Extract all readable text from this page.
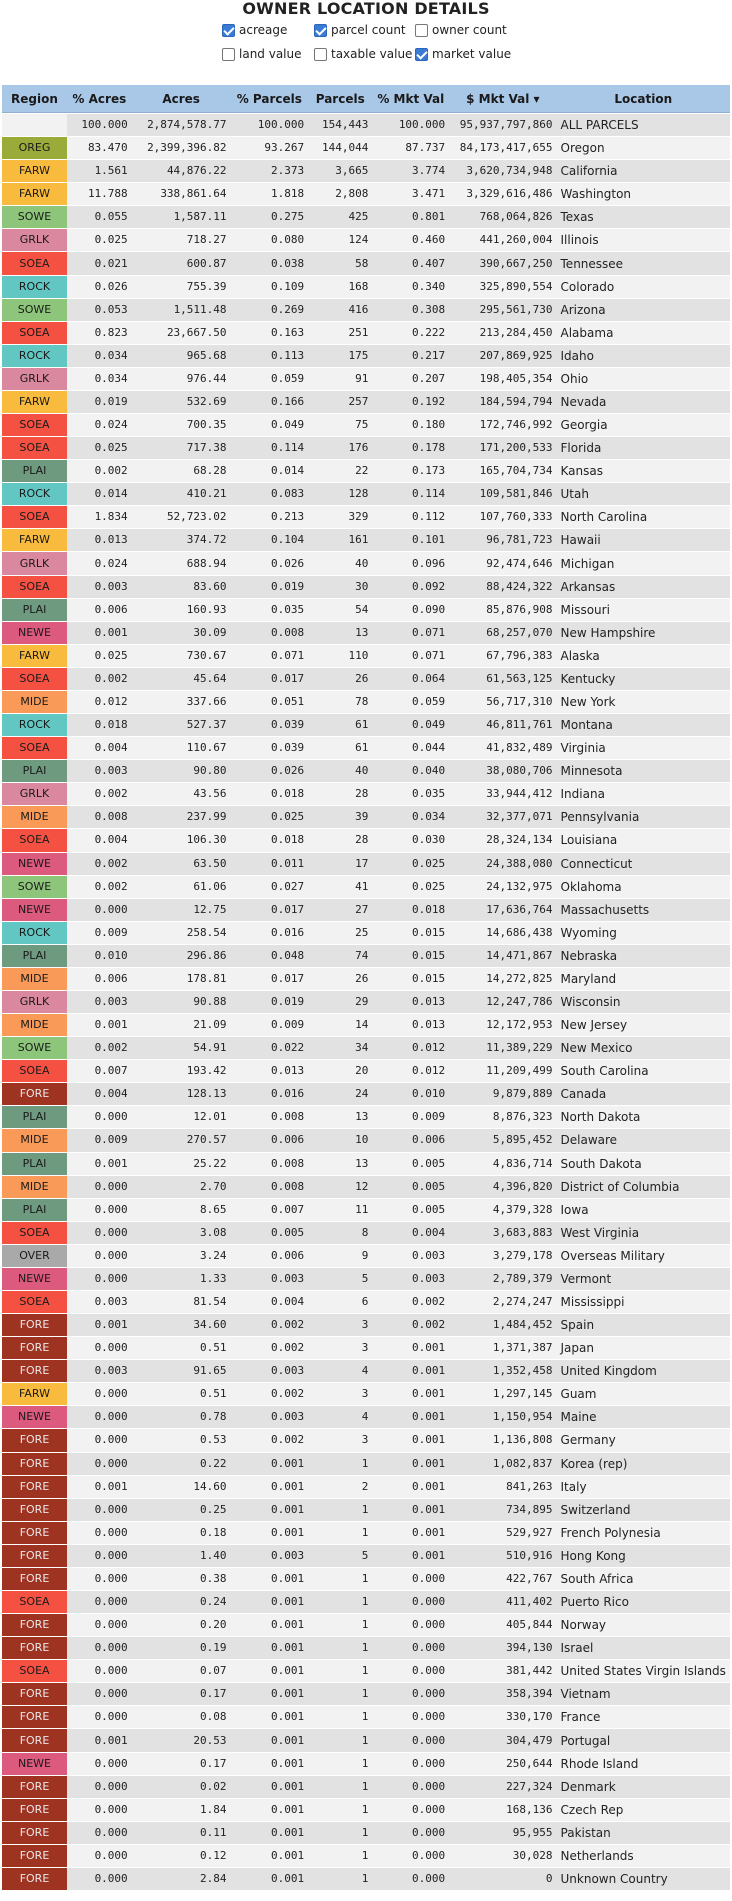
OWNER LOCATION DETAILS
acreage	parcel count owner count
land value taxable value market value
Region	% Acres	Acres	% Parcels	Parcels	% Mkt Val	$ Mkt Val ▾	Location
	100.000	2,874,578.77	100.000	154,443	100.000	95,937,797,860	ALL PARCELS
OREG	83.470	2,399,396.82	93.267	144,044	87.737	84,173,417,655	Oregon
FARW	1.561	44,876.22	2.373	3,665	3.774	3,620,734,948	California
FARW	11.788	338,861.64	1.818	2,808	3.471	3,329,616,486	Washington
SOWE	0.055	1,587.11	0.275	425	0.801	768,064,826	Texas
GRLK	0.025	718.27	0.080	124	0.460	441,260,004	Illinois
SOEA	0.021	600.87	0.038	58	0.407	390,667,250	Tennessee
ROCK	0.026	755.39	0.109	168	0.340	325,890,554	Colorado
SOWE	0.053	1,511.48	0.269	416	0.308	295,561,730	Arizona
SOEA	0.823	23,667.50	0.163	251	0.222	213,284,450	Alabama
ROCK	0.034	965.68	0.113	175	0.217	207,869,925	Idaho
GRLK	0.034	976.44	0.059	91	0.207	198,405,354	Ohio
FARW	0.019	532.69	0.166	257	0.192	184,594,794	Nevada
SOEA	0.024	700.35	0.049	75	0.180	172,746,992	Georgia
SOEA	0.025	717.38	0.114	176	0.178	171,200,533	Florida
PLAI	0.002	68.28	0.014	22	0.173	165,704,734	Kansas
ROCK	0.014	410.21	0.083	128	0.114	109,581,846	Utah
SOEA	1.834	52,723.02	0.213	329	0.112	107,760,333	North Carolina
FARW	0.013	374.72	0.104	161	0.101	96,781,723	Hawaii
GRLK	0.024	688.94	0.026	40	0.096	92,474,646	Michigan
SOEA	0.003	83.60	0.019	30	0.092	88,424,322	Arkansas
PLAI	0.006	160.93	0.035	54	0.090	85,876,908	Missouri
NEWE	0.001	30.09	0.008	13	0.071	68,257,070	New Hampshire
FARW	0.025	730.67	0.071	110	0.071	67,796,383	Alaska
SOEA	0.002	45.64	0.017	26	0.064	61,563,125	Kentucky
MIDE	0.012	337.66	0.051	78	0.059	56,717,310	New York
ROCK	0.018	527.37	0.039	61	0.049	46,811,761	Montana
SOEA	0.004	110.67	0.039	61	0.044	41,832,489	Virginia
PLAI	0.003	90.80	0.026	40	0.040	38,080,706	Minnesota
GRLK	0.002	43.56	0.018	28	0.035	33,944,412	Indiana
MIDE	0.008	237.99	0.025	39	0.034	32,377,071	Pennsylvania
SOEA	0.004	106.30	0.018	28	0.030	28,324,134	Louisiana
NEWE	0.002	63.50	0.011	17	0.025	24,388,080	Connecticut
SOWE	0.002	61.06	0.027	41	0.025	24,132,975	Oklahoma
NEWE	0.000	12.75	0.017	27	0.018	17,636,764	Massachusetts
ROCK	0.009	258.54	0.016	25	0.015	14,686,438	Wyoming
PLAI	0.010	296.86	0.048	74	0.015	14,471,867	Nebraska
MIDE	0.006	178.81	0.017	26	0.015	14,272,825	Maryland
GRLK	0.003	90.88	0.019	29	0.013	12,247,786	Wisconsin
MIDE	0.001	21.09	0.009	14	0.013	12,172,953	New Jersey
SOWE	0.002	54.91	0.022	34	0.012	11,389,229	New Mexico
SOEA	0.007	193.42	0.013	20	0.012	11,209,499	South Carolina
FORE	0.004	128.13	0.016	24	0.010	9,879,889	Canada
PLAI	0.000	12.01	0.008	13	0.009	8,876,323	North Dakota
MIDE	0.009	270.57	0.006	10	0.006	5,895,452	Delaware
PLAI	0.001	25.22	0.008	13	0.005	4,836,714	South Dakota
MIDE	0.000	2.70	0.008	12	0.005	4,396,820	District of Columbia
PLAI	0.000	8.65	0.007	11	0.005	4,379,328	Iowa
SOEA	0.000	3.08	0.005	8	0.004	3,683,883	West Virginia
OVER	0.000	3.24	0.006	9	0.003	3,279,178	Overseas Military
NEWE	0.000	1.33	0.003	5	0.003	2,789,379	Vermont
SOEA	0.003	81.54	0.004	6	0.002	2,274,247	Mississippi
FORE	0.001	34.60	0.002	3	0.002	1,484,452	Spain
FORE	0.000	0.51	0.002	3	0.001	1,371,387	Japan
FORE	0.003	91.65	0.003	4	0.001	1,352,458	United Kingdom
FARW	0.000	0.51	0.002	3	0.001	1,297,145	Guam
NEWE	0.000	0.78	0.003	4	0.001	1,150,954	Maine
FORE	0.000	0.53	0.002	3	0.001	1,136,808	Germany
FORE	0.000	0.22	0.001	1	0.001	1,082,837	Korea (rep)
FORE	0.001	14.60	0.001	2	0.001	841,263	Italy
FORE	0.000	0.25	0.001	1	0.001	734,895	Switzerland
FORE	0.000	0.18	0.001	1	0.001	529,927	French Polynesia
FORE	0.000	1.40	0.003	5	0.001	510,916	Hong Kong
FORE	0.000	0.38	0.001	1	0.000	422,767	South Africa
SOEA	0.000	0.24	0.001	1	0.000	411,402	Puerto Rico
FORE	0.000	0.20	0.001	1	0.000	405,844	Norway
FORE	0.000	0.19	0.001	1	0.000	394,130	Israel
SOEA	0.000	0.07	0.001	1	0.000	381,442	United States Virgin Islands
FORE	0.000	0.17	0.001	1	0.000	358,394	Vietnam
FORE	0.000	0.08	0.001	1	0.000	330,170	France
FORE	0.001	20.53	0.001	1	0.000	304,479	Portugal
NEWE	0.000	0.17	0.001	1	0.000	250,644	Rhode Island
FORE	0.000	0.02	0.001	1	0.000	227,324	Denmark
FORE	0.000	1.84	0.001	1	0.000	168,136	Czech Rep
FORE	0.000	0.11	0.001	1	0.000	95,955	Pakistan
FORE	0.000	0.12	0.001	1	0.000	30,028	Netherlands
FORE	0.000	2.84	0.001	1	0.000	0	Unknown Country
